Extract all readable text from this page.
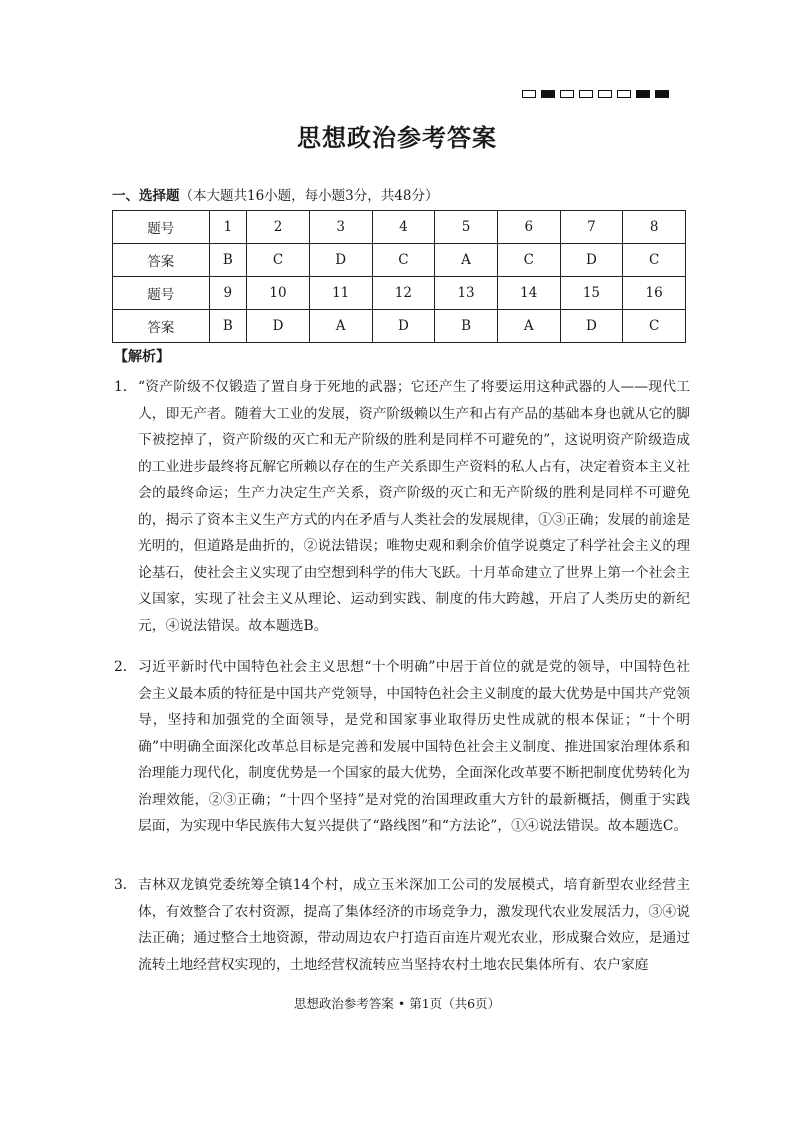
思想政治参考答案
一、选择题（本大题共16小题，每小题3分，共48分）
题号	1	2	3	4	5	6	7	8
答案	B	C	D	C	A	C	D	C
题号	9	10	11	12	13	14	15	16
答案	B	D	A	D	B	A	D	C
【解析】
1． “资产阶级不仅锻造了置自身于死地的武器；它还产生了将要运用这种武器的人——现代工人，即无产者。随着大工业的发展，资产阶级赖以生产和占有产品的基础本身也就从它的脚下被挖掉了，资产阶级的灭亡和无产阶级的胜利是同样不可避免的”，这说明资产阶级造成的工业进步最终将瓦解它所赖以存在的生产关系即生产资料的私人占有，决定着资本主义社会的最终命运；生产力决定生产关系，资产阶级的灭亡和无产阶级的胜利是同样不可避免的，揭示了资本主义生产方式的内在矛盾与人类社会的发展规律，①③正确；发展的前途是光明的，但道路是曲折的，②说法错误；唯物史观和剩余价值学说奠定了科学社会主义的理论基石，使社会主义实现了由空想到科学的伟大飞跃。十月革命建立了世界上第一个社会主义国家，实现了社会主义从理论、运动到实践、制度的伟大跨越，开启了人类历史的新纪元，④说法错误。故本题选B。
2． 习近平新时代中国特色社会主义思想“十个明确”中居于首位的就是党的领导，中国特色社会主义最本质的特征是中国共产党领导，中国特色社会主义制度的最大优势是中国共产党领导，坚持和加强党的全面领导，是党和国家事业取得历史性成就的根本保证；“十个明确”中明确全面深化改革总目标是完善和发展中国特色社会主义制度、推进国家治理体系和治理能力现代化，制度优势是一个国家的最大优势，全面深化改革要不断把制度优势转化为治理效能，②③正确；“十四个坚持”是对党的治国理政重大方针的最新概括，侧重于实践层面，为实现中华民族伟大复兴提供了“路线图”和“方法论”，①④说法错误。故本题选C。
3． 吉林双龙镇党委统筹全镇14个村，成立玉米深加工公司的发展模式，培育新型农业经营主体，有效整合了农村资源，提高了集体经济的市场竞争力，激发现代农业发展活力，③④说法正确；通过整合土地资源，带动周边农户打造百亩连片观光农业，形成聚合效应，是通过流转土地经营权实现的，土地经营权流转应当坚持农村土地农民集体所有、农户家庭
思想政治参考答案 • 第1页（共6页）
